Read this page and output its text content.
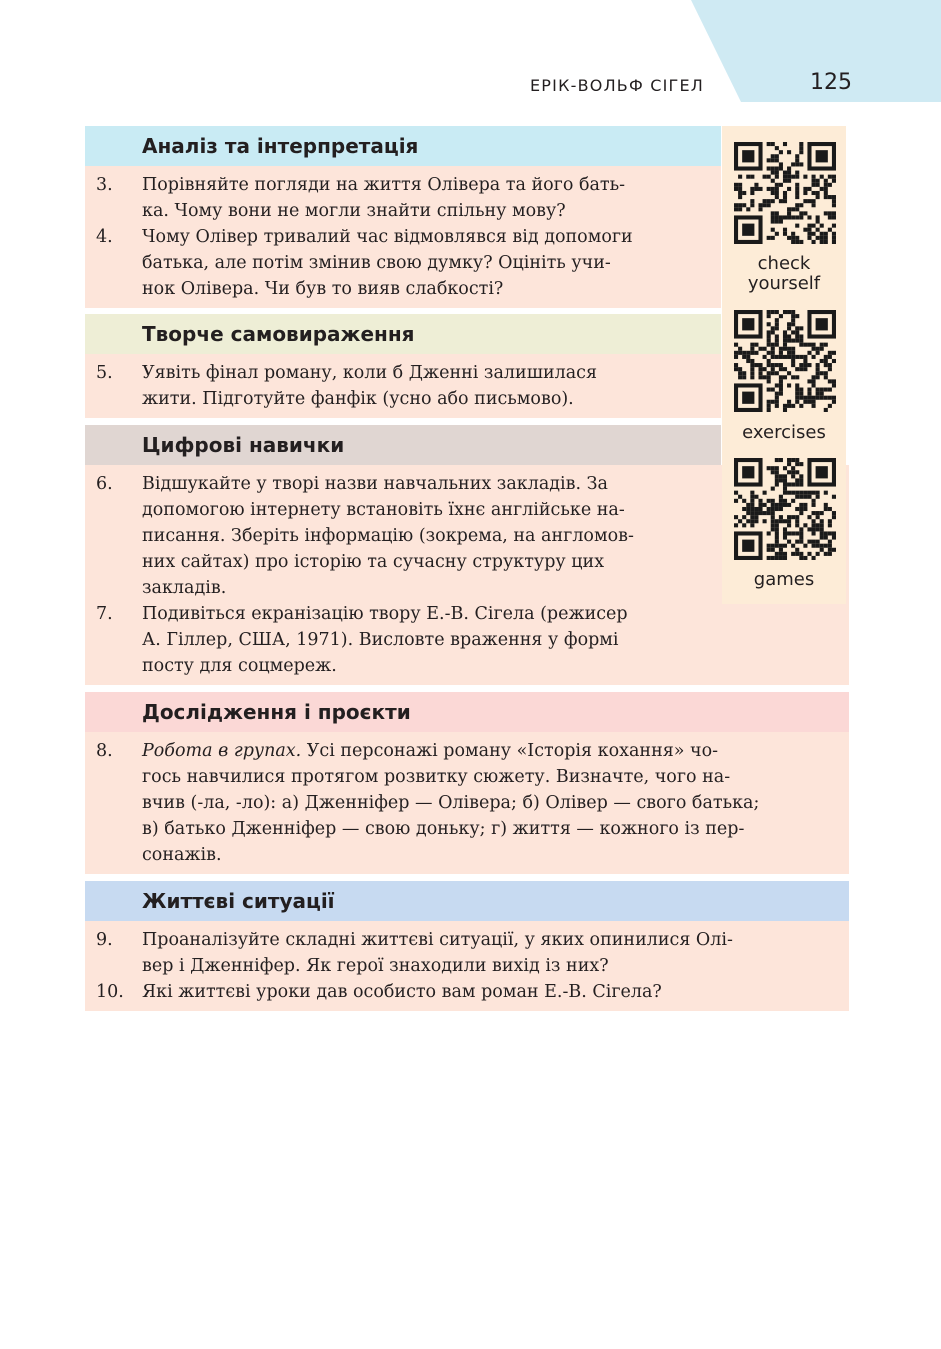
ЕРІК-ВОЛЬФ СІГЕЛ	125
Аналіз та інтерпретація
3.	Порівняйте погляди на життя Олівера та його бать-
ка. Чому вони не могли знайти спільну мову?
4.	Чому Олівер тривалий час відмовлявся від допомоги
батька, але потім змінив свою думку? Оцініть учи-
нок Олівера. Чи був то вияв слабкості?
Творче самовираження
5.	Уявіть фінал роману, коли б Дженні залишилася
жити. Підготуйте фанфік (усно або письмово).
Цифрові навички
6.	Відшукайте у творі назви навчальних закладів. За
допомогою інтернету встановіть їхнє англійське на-
писання. Зберіть інформацію (зокрема, на англомов-
них сайтах) про історію та сучасну структуру цих
закладів.
7.	Подивіться екранізацію твору Е.-В. Сігела (режисер
А. Гіллер, США, 1971). Висловте враження у формі
посту для соцмереж.
Дослідження і проєкти
8.	Робота в групах. Усі персонажі роману «Історія кохання» чо-
гось навчилися протягом розвитку сюжету. Визначте, чого на-
вчив (-ла, -ло): а) Дженніфер — Олівера; б) Олівер — свого батька;
в) батько Дженніфер — свою доньку; г) життя — кожного із пер-
сонажів.
Життєві ситуації
9.	Проаналізуйте складні життєві ситуації, у яких опинилися Олі-
вер і Дженніфер. Як герої знаходили вихід із них?
10.	Які життєві уроки дав особисто вам роман Е.-В. Сігела?
check
yourself
exercises
games
